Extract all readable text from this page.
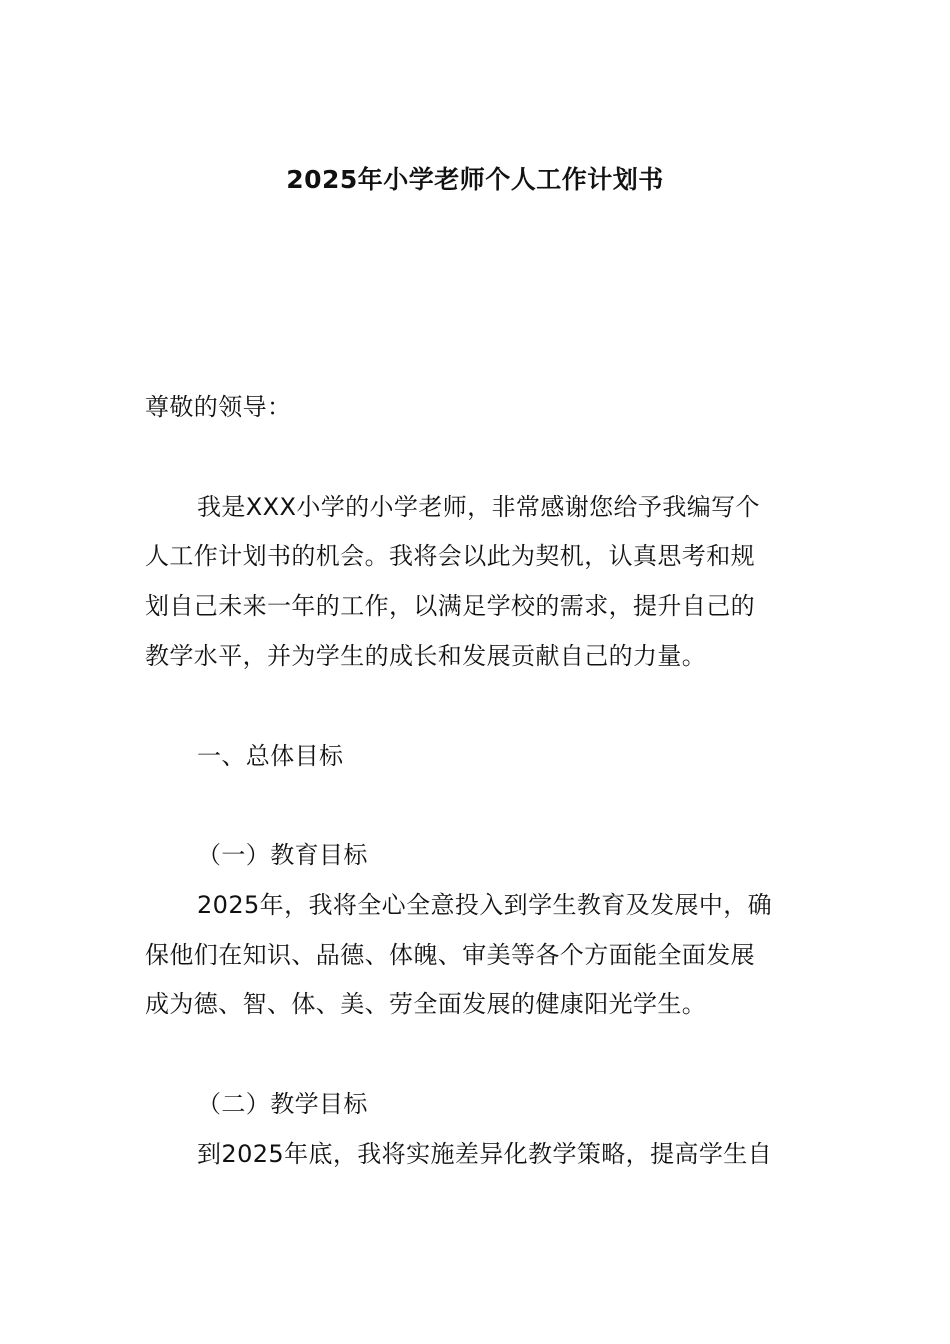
2025年小学老师个人工作计划书
尊敬的领导：
我是XXX小学的小学老师，非常感谢您给予我编写个
人工作计划书的机会。我将会以此为契机，认真思考和规
划自己未来一年的工作，以满足学校的需求，提升自己的
教学水平，并为学生的成长和发展贡献自己的力量。
一、总体目标
（一）教育目标
2025年，我将全心全意投入到学生教育及发展中，确
保他们在知识、品德、体魄、审美等各个方面能全面发展
成为德、智、体、美、劳全面发展的健康阳光学生。
（二）教学目标
到2025年底，我将实施差异化教学策略，提高学生自
